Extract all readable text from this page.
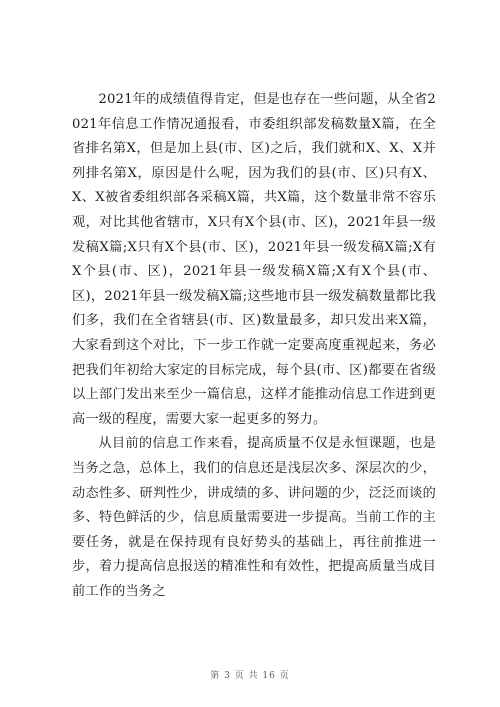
2021年的成绩值得肯定，但是也存在一些问题，从全省2021年信息工作情况通报看，市委组织部发稿数量X篇，在全省排名第X，但是加上县(市、区)之后，我们就和X、X、X并列排名第X，原因是什么呢，因为我们的县(市、区)只有X、X、X被省委组织部各采稿X篇，共X篇，这个数量非常不容乐观，对比其他省辖市，X只有X个县(市、区)，2021年县一级发稿X篇;X只有X个县(市、区)，2021年县一级发稿X篇;X有X个县(市、区)，2021年县一级发稿X篇;X有X个县(市、区)，2021年县一级发稿X篇;这些地市县一级发稿数量都比我们多，我们在全省辖县(市、区)数量最多，却只发出来X篇，大家看到这个对比，下一步工作就一定要高度重视起来，务必把我们年初给大家定的目标完成，每个县(市、区)都要在省级以上部门发出来至少一篇信息，这样才能推动信息工作进到更高一级的程度，需要大家一起更多的努力。

从目前的信息工作来看，提高质量不仅是永恒课题，也是当务之急，总体上，我们的信息还是浅层次多、深层次的少，动态性多、研判性少，讲成绩的多、讲问题的少，泛泛而谈的多、特色鲜活的少，信息质量需要进一步提高。当前工作的主要任务，就是在保持现有良好势头的基础上，再往前推进一步，着力提高信息报送的精准性和有效性，把提高质量当成目前工作的当务之

第 3 页 共 16 页
